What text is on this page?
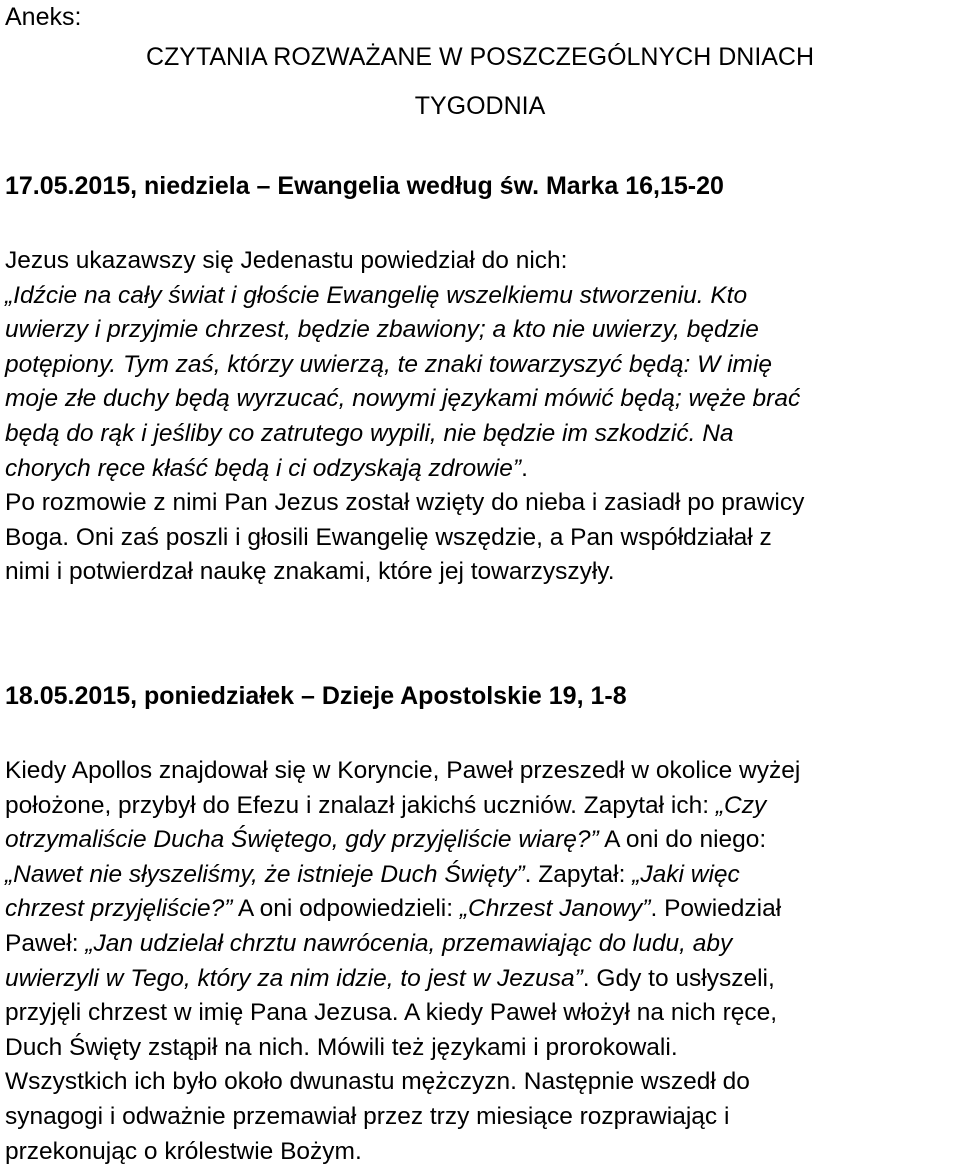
Aneks:
CZYTANIA ROZWAŻANE W POSZCZEGÓLNYCH DNIACH
TYGODNIA
17.05.2015, niedziela – Ewangelia według św. Marka 16,15-20
Jezus ukazawszy się Jedenastu powiedział do nich:
„Idźcie na cały świat i głoście Ewangelię wszelkiemu stworzeniu. Kto
uwierzy i przyjmie chrzest, będzie zbawiony; a kto nie uwierzy, będzie
potępiony. Tym zaś, którzy uwierzą, te znaki towarzyszyć będą: W imię
moje złe duchy będą wyrzucać, nowymi językami mówić będą; węże brać
będą do rąk i jeśliby co zatrutego wypili, nie będzie im szkodzić. Na
chorych ręce kłaść będą i ci odzyskają zdrowie”.
Po rozmowie z nimi Pan Jezus został wzięty do nieba i zasiadł po prawicy
Boga. Oni zaś poszli i głosili Ewangelię wszędzie, a Pan współdziałał z
nimi i potwierdzał naukę znakami, które jej towarzyszyły.
18.05.2015, poniedziałek – Dzieje Apostolskie 19, 1-8
Kiedy Apollos znajdował się w Koryncie, Paweł przeszedł w okolice wyżej
położone, przybył do Efezu i znalazł jakichś uczniów. Zapytał ich: „Czy
otrzymaliście Ducha Świętego, gdy przyjęliście wiarę?” A oni do niego:
„Nawet nie słyszeliśmy, że istnieje Duch Święty”. Zapytał: „Jaki więc
chrzest przyjęliście?” A oni odpowiedzieli: „Chrzest Janowy”. Powiedział
Paweł: „Jan udzielał chrztu nawrócenia, przemawiając do ludu, aby
uwierzyli w Tego, który za nim idzie, to jest w Jezusa”. Gdy to usłyszeli,
przyjęli chrzest w imię Pana Jezusa. A kiedy Paweł włożył na nich ręce,
Duch Święty zstąpił na nich. Mówili też językami i prorokowali.
Wszystkich ich było około dwunastu mężczyzn. Następnie wszedł do
synagogi i odważnie przemawiał przez trzy miesiące rozprawiając i
przekonując o królestwie Bożym.
